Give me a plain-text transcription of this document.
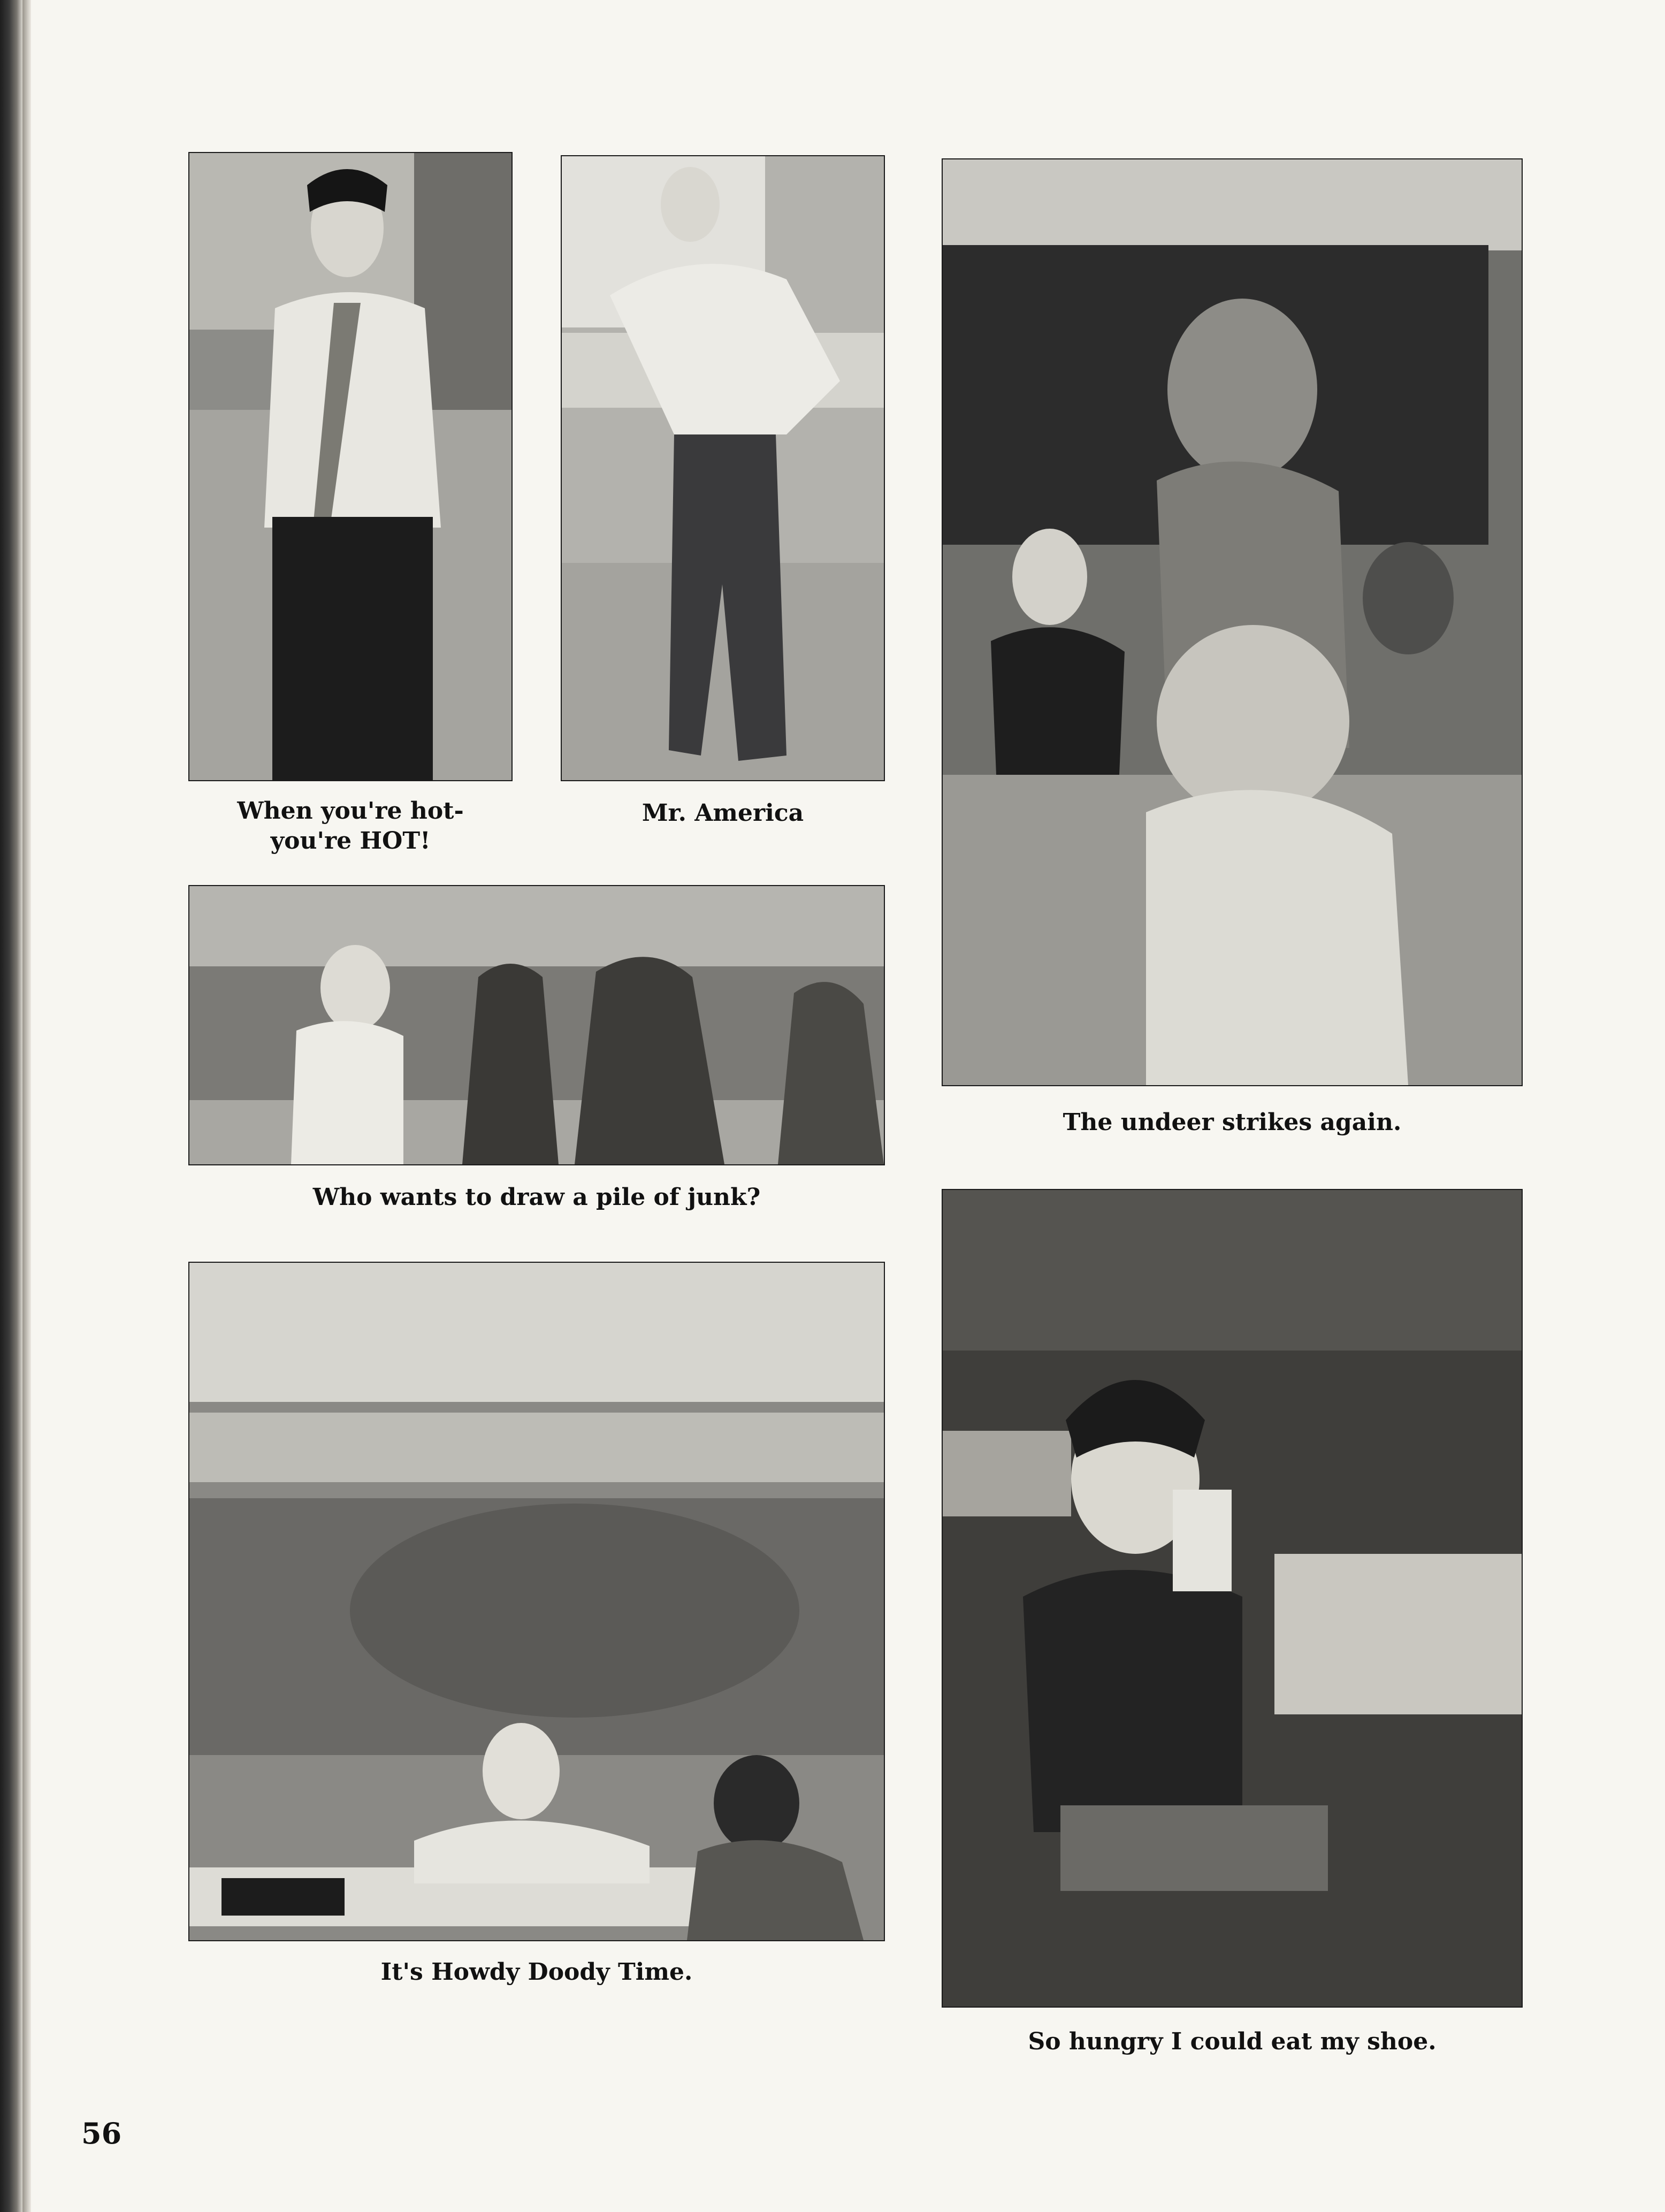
When you're hot-
you're HOT!
Mr. America
The undeer strikes again.
Who wants to draw a pile of junk?
It's Howdy Doody Time.
So hungry I could eat my shoe.
56
